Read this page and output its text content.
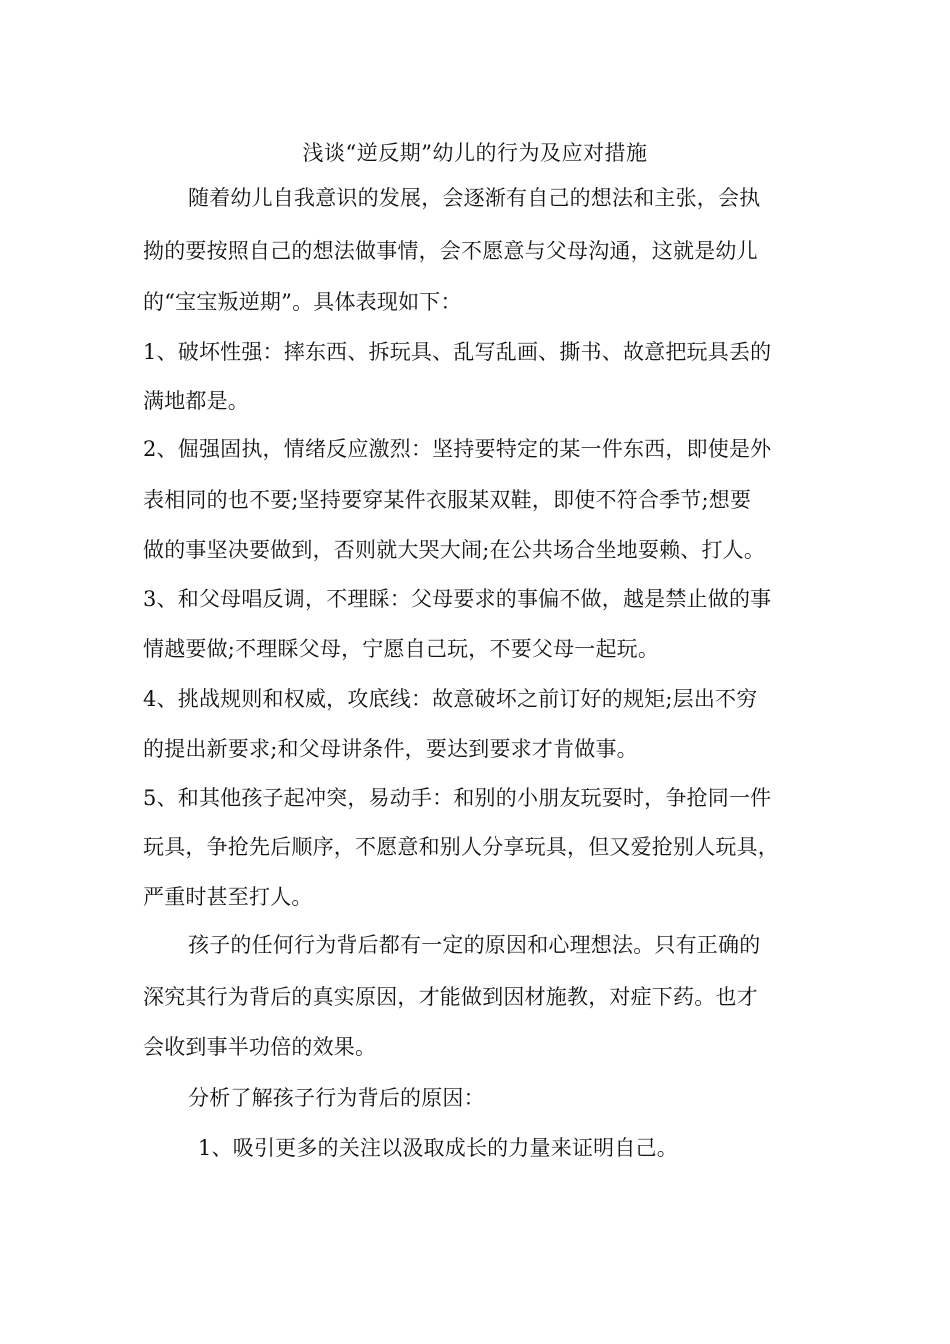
浅谈“逆反期”幼儿的行为及应对措施
随着幼儿自我意识的发展，会逐渐有自己的想法和主张，会执
拗的要按照自己的想法做事情，会不愿意与父母沟通，这就是幼儿
的“宝宝叛逆期”。具体表现如下：
1、破坏性强：摔东西、拆玩具、乱写乱画、撕书、故意把玩具丢的
满地都是。
2、倔强固执，情绪反应激烈：坚持要特定的某一件东西，即使是外
表相同的也不要;坚持要穿某件衣服某双鞋，即使不符合季节;想要
做的事坚决要做到，否则就大哭大闹;在公共场合坐地耍赖、打人。
3、和父母唱反调，不理睬：父母要求的事偏不做，越是禁止做的事
情越要做;不理睬父母，宁愿自己玩，不要父母一起玩。
4、挑战规则和权威，攻底线：故意破坏之前订好的规矩;层出不穷
的提出新要求;和父母讲条件，要达到要求才肯做事。
5、和其他孩子起冲突，易动手：和别的小朋友玩耍时，争抢同一件
玩具，争抢先后顺序，不愿意和别人分享玩具，但又爱抢别人玩具，
严重时甚至打人。
孩子的任何行为背后都有一定的原因和心理想法。只有正确的
深究其行为背后的真实原因，才能做到因材施教，对症下药。也才
会收到事半功倍的效果。
分析了解孩子行为背后的原因：
1、吸引更多的关注以汲取成长的力量来证明自己。
